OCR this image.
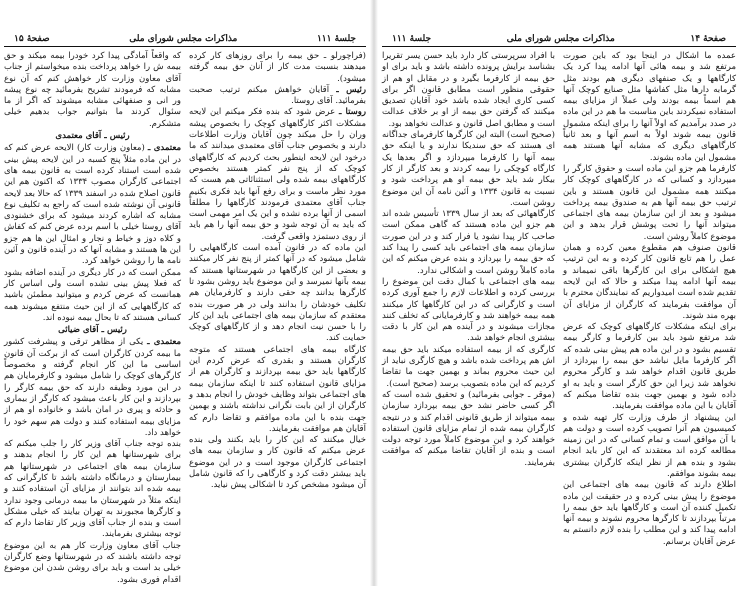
جلسهٔ ۱۱۱
مذاکرات مجلس شورای ملی
صفحهٔ ۱۵

(فراچورلو ـ حق بیمه را برای روزهای کار کرده میدهند بنسبت مدت کار از آنان حق بیمه گرفته میشود).

رئیس ـ آقایان خواهش میکنم ترتیب صحبت بفرمائید. آقای روستا.

روستا ـ عرض شود که بنده فکر میکنم این لایحه مشکلات اکثر کارگاههای کوچک را بخصوص پیشه وران را حل میکند چون آقایان وزارت اطلاعات دارند و بخصوص جناب آقای معتمدی میدانند که ما درخود این لایحه اینطور بحث کردیم که کارگاههای کوچک که از پنج نفر کمتر هستند بخصوص کارگاههای بیمه شده ولی استثنائاتی هم هست که مورد نظر ماست و برای رفع آنها باید فکری بکنیم جناب آقای معتمدی فرمودند کارگاهها را مطلقاً اسمی از آنها برده نشده و این یک امر مهمی است که باید به آن توجه شود و حق بیمه آنها را هم باید از روی دستمزد واقعی گرفت.

این ماده که در قانون آمده است کارگاههایی را شامل میشود که در آنها کمتر از پنج نفر کار میکنند و بعضی از این کارگاهها در شهرستانها هستند که بیمه بآنها نمیرسد و این موضوع باید روشن بشود تا کارگرها بدانند چه حقی دارند و کارفرمایان هم تکلیف خودشان را بدانند ولی در هر صورت بنده معتقدم که سازمان بیمه های اجتماعی باید این کار را با حسن نیت انجام دهد و از کارگاههای کوچک حمایت کند.

کارگاه بیمه های اجتماعی هستند که متوجه کارگران هستند و بقدری که عرض کردم این کارگاهها باید حق بیمه بپردازند و کارگران هم از مزایای قانون استفاده کنند تا اینکه سازمان بیمه های اجتماعی بتواند وظایف خودش را انجام بدهد و کارگران از این بابت نگرانی نداشته باشند و بهمین جهت بنده با این ماده موافقم و تقاضا دارم که آقایان هم موافقت بفرمایند.

خیال میکنند که این کار را باید بکنند ولی بنده عرض میکنم که قانون کار و سازمان بیمه های اجتماعی کارگران موجود است و در این موضوع باید بیشتر دقت کرد و کارگاهی را که قانون شامل آن میشود مشخص کرد تا اشکالی پیش نیاید.

که واقعاً آمادگی پیدا کرد خودرا بیمه میکند و حق بیمه ش را خواهد پرداخت بنده میخواستم از جناب آقای معاون وزارت کار خواهش کنم که آن نوع مشابه که فرمودند تشریح بفرمائید چه نوع پیشه ور انی و صنفهائی مشابه میشوند که اگر از ما سئوال کردند ما بتوانیم جواب بدهیم خیلی متشکرم.

رئیس ـ آقای معتمدی

معتمدی ـ (معاون وزارت کار) الایحه عرض کنم که در این ماده مثلاً پنج کسبه در این لایحه پیش بینی شده است استناد کرده است به قانون بیمه های اجتماعی کارگران مصوب ۱۳۳۴ که اکنون هم این قانون اصلاح شده در اسفند ۱۳۳۹ که حالا بعد لایحه قانونی آن نوشته شده است که راجع به تکلیف نوع مشابه که اشاره کردند میشود که برای خشنودی آقای روستا خیلی با اسم برده عرض کنم که کفاش و کلاه دوز و خیاط و نجار و امثال این ها هم جزو این ها هستند و مشابه آنها که در آینده قانون و آئین نامه ها را روشن خواهد کرد.

ممکن است که در کار دیگری در آینده اضافه بشود که فعلا پیش بینی نشده است ولی اساس کار همانست که عرض کردم و میتوانید مطمئن باشید که کارگاههایی که از این حیث منتفع میشوند همه کسانی هستند که تا بحال بیمه نبوده اند.

رئیس ـ آقای ضیائی

معتمدی ـ یکی از مظاهر ترقی و پیشرفت کشور ما بیمه کردن کارگران است که از برکت آن قانون اساسی ما این کار انجام گرفته و مخصوصاً کارگرهای کوچک را شامل میشود و کارفرمایان هم در این مورد وظیفه دارند که حق بیمه کارگر را بپردازند و این کار باعث میشود که کارگر از بیماری و حادثه و پیری در امان باشد و خانواده او هم از مزایای بیمه استفاده کنند و دولت هم سهم خود را خواهد داد.

بنده توجه جناب آقای وزیر کار را جلب میکنم که برای شهرستانها هم این کار را انجام بدهند و سازمان بیمه های اجتماعی در شهرستانها هم بیمارستان و درمانگاه داشته باشد تا کارگرانی که بیمه شده اند بتوانند از مزایای آن استفاده کنند و اینکه مثلاً در شهرستان ما بیمه درمانی وجود ندارد و کارگرها مجبورند به تهران بیایند که خیلی مشکل است و بنده از جناب آقای وزیر کار تقاضا دارم که توجه بیشتری بفرمایند.

جناب آقای معاون وزارت کار هم به این موضوع توجه داشته باشند که در شهرستانها وضع کارگران خیلی بد است و باید برای روشن شدن این موضوع اقدام فوری بشود.

صفحهٔ ۱۴
مذاکرات مجلس شورای ملی
جلسهٔ ۱۱۱

عمده ما اشکال در اینجا بود که باین صورت مرتفع شد و بیمه هائی آنها ادامه پیدا کرد یک کارگاهها و یک صنفهای دیگری هم بودند مثل گرمابه دارها مثل کفاشها مثل صنایع کوچک آنها هم اسماً بیمه بودند ولی عملاً از مزایای بیمه استفاده نمیکردند باین مناسبت ما هم در این ماده در صدد برآمدیم که اولاً آنها را برای اینکه مشمول قانون بیمه شوند اولاً به اسم آنها و بعد ثانیاً کارگاههای دیگری که مشابه آنها هستند همه مشمول این ماده بشوند.

کارفرما هم جزو این ماده است و حقوق کارگر را میپردازد و کسانی که در کارگاههای کوچک کار میکنند همه مشمول این قانون هستند و باین ترتیب حق بیمه آنها هم به صندوق بیمه پرداخت میشود و بعد از این سازمان بیمه های اجتماعی میتواند آنها را تحت پوشش قرار بدهد و این موضوع کاملاً روشن است.

قانون صنوف هم مقطوع معین کرده و همان عمل را هم تابع قانون کار کرده و به این ترتیب هیچ اشکالی برای این کارگرها باقی نمیماند و بیمه آنها ادامه پیدا میکند و حالا که این لایحه تقدیم شده است امیدواریم که نمایندگان محترم با آن موافقت بفرمایند که کارگران از مزایای آن بهره مند شوند.

برای اینکه مشکلات کارگاههای کوچک که عرض شد مرتفع شود باید بین کارفرما و کارگر بیمه تقسیم بشود و در این ماده هم پیش بینی شده که اگر کارفرما مایل نباشد حق بیمه را بپردازد از طریق قانون اقدام خواهد شد و کارگر محروم نخواهد شد زیرا این حق کارگر است و باید به او داده شود و بهمین جهت بنده تقاضا میکنم که آقایان با این ماده موافقت بفرمایند.

این پیشنهاد از طرف وزارت کار تهیه شده و کمیسیون هم آنرا تصویب کرده است و دولت هم با آن موافق است و تمام کسانی که در این زمینه مطالعه کرده اند معتقدند که این کار باید انجام بشود و بنده هم از نظر اینکه کارگران بیشتری بیمه بشوند موافقم.

اطلاع دارند که قانون بیمه های اجتماعی این موضوع را پیش بینی کرده و در حقیقت این ماده تکمیل کننده آن است و کارگاهها باید حق بیمه را مرتباً بپردازند تا کارگرها محروم نشوند و بیمه آنها ادامه پیدا کند و این مطلب را بنده لازم دانستم به عرض آقایان برسانم.

با افراد سرپرستی کار دارد باید حسن یسر تقریرا بشناسد برایش پرونده داشته باشد و باید برای او حق بیمه از کارفرما بگیرد و در مقابل او هم از حقوقی منظور است مطابق قانون اگر برای کسی کاری ایجاد شده باشد خود آقایان تصدیق میکنند که گرفتن حق بیمه از او بر خلاف عدالت است و مطابق اصل قانون و عدالت نخواهد بود.

(صحیح است) البته این کارگرها کارفرمای جداگانه ای هستند که حق سندیکا ندارند و یا اینکه حق بیمه آنها را کارفرما میپردازد و اگر بعدها یک کارگاه کوچکی را بیمه کردند و بعد کارگر از کار بیکار شد باید حق بیمه او هم پرداخت شود و نسبت به قانون ۱۳۳۴ و آئین نامه آن این موضوع روشن است.

کارگاههائی که بعد از سال ۱۳۳۹ تأسیس شده اند هم جزو این ماده هستند که گاهی ممکن است صاحب کار پیدا نشود یا فرار کند و در این صورت سازمان بیمه های اجتماعی باید کسی را پیدا کند که حق بیمه را بپردازد و بنده عرض میکنم که این ماده کاملاً روشن است و اشکالی ندارد.

بیمه های اجتماعی با کمال دقت این موضوع را بررسی کرده و اطلاعات لازم را جمع آوری کرده است و کارگرانی که در این کارگاهها کار میکنند همه بیمه خواهند شد و کارفرمایانی که تخلف کنند مجازات میشوند و در آینده هم این کار با دقت بیشتری انجام خواهد شد.

کارگری که از بیمه استفاده میکند باید حق بیمه اش هم پرداخت شده باشد و هیچ کارگری نباید از این حیث محروم بماند و بهمین جهت ما تقاضا کردیم که این ماده بتصویب برسد (صحیح است).

(موقر ـ جوابی بفرمائید) و تحقیق شده است که اگر کسی حاضر نشد حق بیمه بپردازد سازمان بیمه میتواند از طریق قانونی اقدام کند و در نتیجه کارگران بیمه شده از تمام مزایای قانون استفاده خواهند کرد و این موضوع کاملاً مورد توجه دولت است و بنده از آقایان تقاضا میکنم که موافقت بفرمایند.
